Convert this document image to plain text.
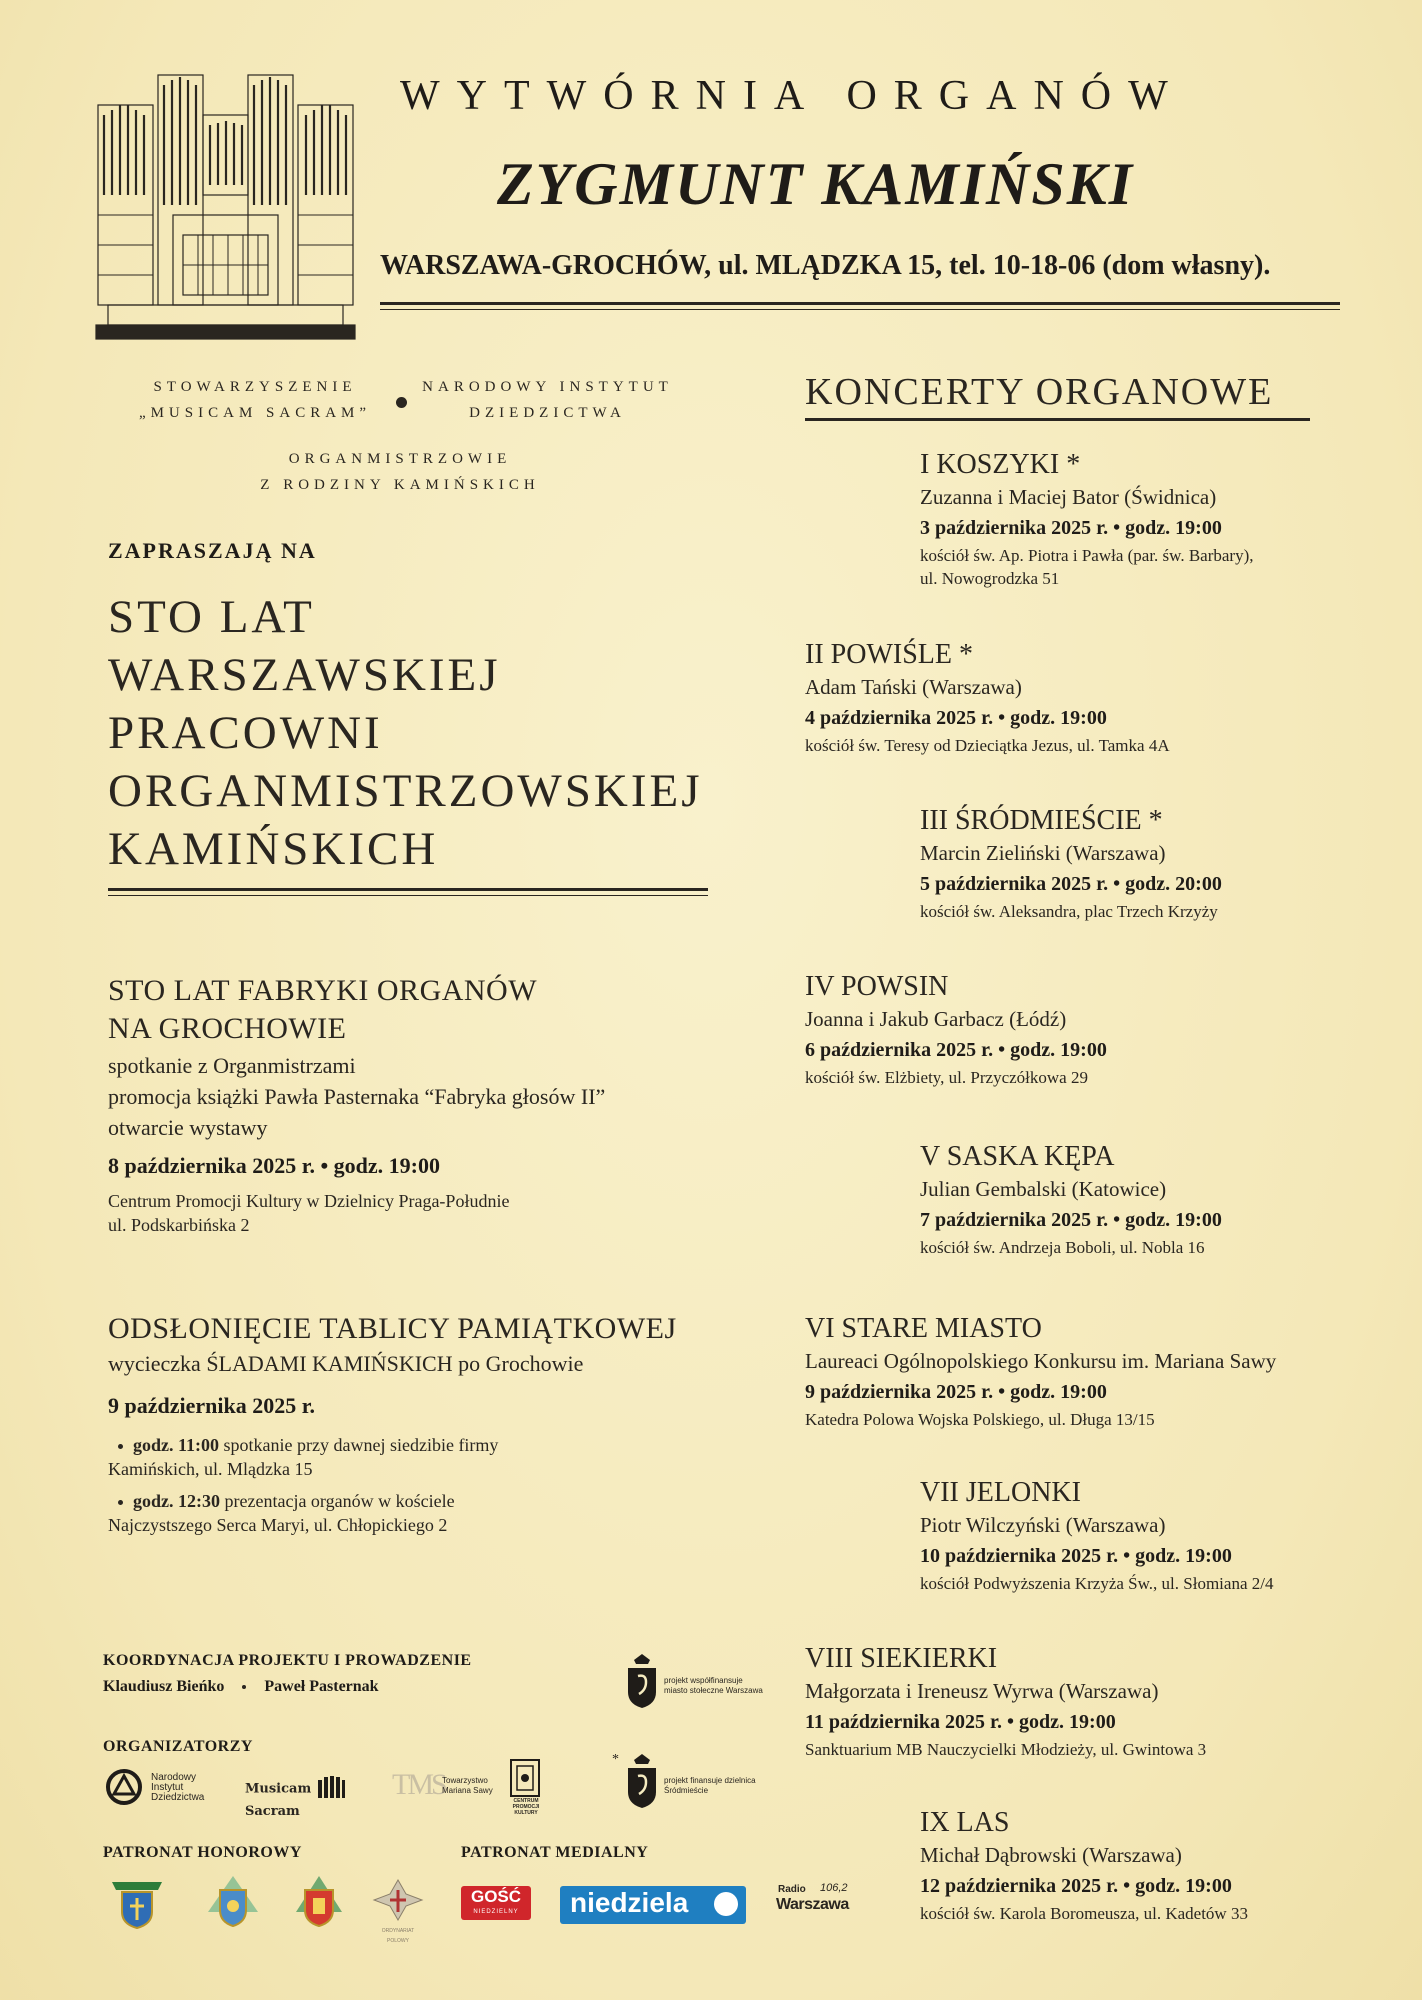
WYTWÓRNIA ORGANÓW
ZYGMUNT KAMIŃSKI
WARSZAWA-GROCHÓW, ul. MLĄDZKA 15, tel. 10-18-06 (dom własny).
STOWARZYSZENIE
„MUSICAM SACRAM”
NARODOWY INSTYTUT
DZIEDZICTWA
ORGANMISTRZOWIE
Z RODZINY KAMIŃSKICH
ZAPRASZAJĄ NA
STO LAT
WARSZAWSKIEJ
PRACOWNI
ORGANMISTRZOWSKIEJ
KAMIŃSKICH
STO LAT FABRYKI ORGANÓW
NA GROCHOWIE
spotkanie z Organmistrzami
promocja książki Pawła Pasternaka “Fabryka głosów II”
otwarcie wystawy
8 października 2025 r. • godz. 19:00
Centrum Promocji Kultury w Dzielnicy Praga-Południe
ul. Podskarbińska 2
ODSŁONIĘCIE TABLICY PAMIĄTKOWEJ
wycieczka ŚLADAMI KAMIŃSKICH po Grochowie
9 października 2025 r.
godz. 11:00 spotkanie przy dawnej siedzibie firmy
Kamińskich, ul. Mlądzka 15
godz. 12:30 prezentacja organów w kościele
Najczystszego Serca Maryi, ul. Chłopickiego 2
KONCERTY ORGANOWE
I KOSZYKI *
Zuzanna i Maciej Bator (Świdnica)
3 października 2025 r. • godz. 19:00
kościół św. Ap. Piotra i Pawła (par. św. Barbary),
ul. Nowogrodzka 51
II POWIŚLE *
Adam Tański (Warszawa)
4 października 2025 r. • godz. 19:00
kościół św. Teresy od Dzieciątka Jezus, ul. Tamka 4A
III ŚRÓDMIEŚCIE *
Marcin Zieliński (Warszawa)
5 października 2025 r. • godz. 20:00
kościół św. Aleksandra, plac Trzech Krzyży
IV POWSIN
Joanna i Jakub Garbacz (Łódź)
6 października 2025 r. • godz. 19:00
kościół św. Elżbiety, ul. Przyczółkowa 29
V SASKA KĘPA
Julian Gembalski (Katowice)
7 października 2025 r. • godz. 19:00
kościół św. Andrzeja Boboli, ul. Nobla 16
VI STARE MIASTO
Laureaci Ogólnopolskiego Konkursu im. Mariana Sawy
9 października 2025 r. • godz. 19:00
Katedra Polowa Wojska Polskiego, ul. Długa 13/15
VII JELONKI
Piotr Wilczyński (Warszawa)
10 października 2025 r. • godz. 19:00
kościół Podwyższenia Krzyża Św., ul. Słomiana 2/4
VIII SIEKIERKI
Małgorzata i Ireneusz Wyrwa (Warszawa)
11 października 2025 r. • godz. 19:00
Sanktuarium MB Nauczycielki Młodzieży, ul. Gwintowa 3
IX LAS
Michał Dąbrowski (Warszawa)
12 października 2025 r. • godz. 19:00
kościół św. Karola Boromeusza, ul. Kadetów 33
KOORDYNACJA PROJEKTU I PROWADZENIE
Klaudiusz Bieńko	Paweł Pasternak
ORGANIZATORZY
Narodowy Instytut Dziedzictwa
Musicam  Sacram
TMS
Towarzystwo Mariana Sawy
CENTRUM PROMOCJI KULTURY
projekt współfinansuje miasto stołeczne Warszawa
*
projekt finansuje dzielnica Śródmieście
PATRONAT HONOROWY	PATRONAT MEDIALNY
ORDYNARIAT POLOWY
GOŚĆ
NIEDZIELNY	niedziela	Radio 106,2
Warszawa
